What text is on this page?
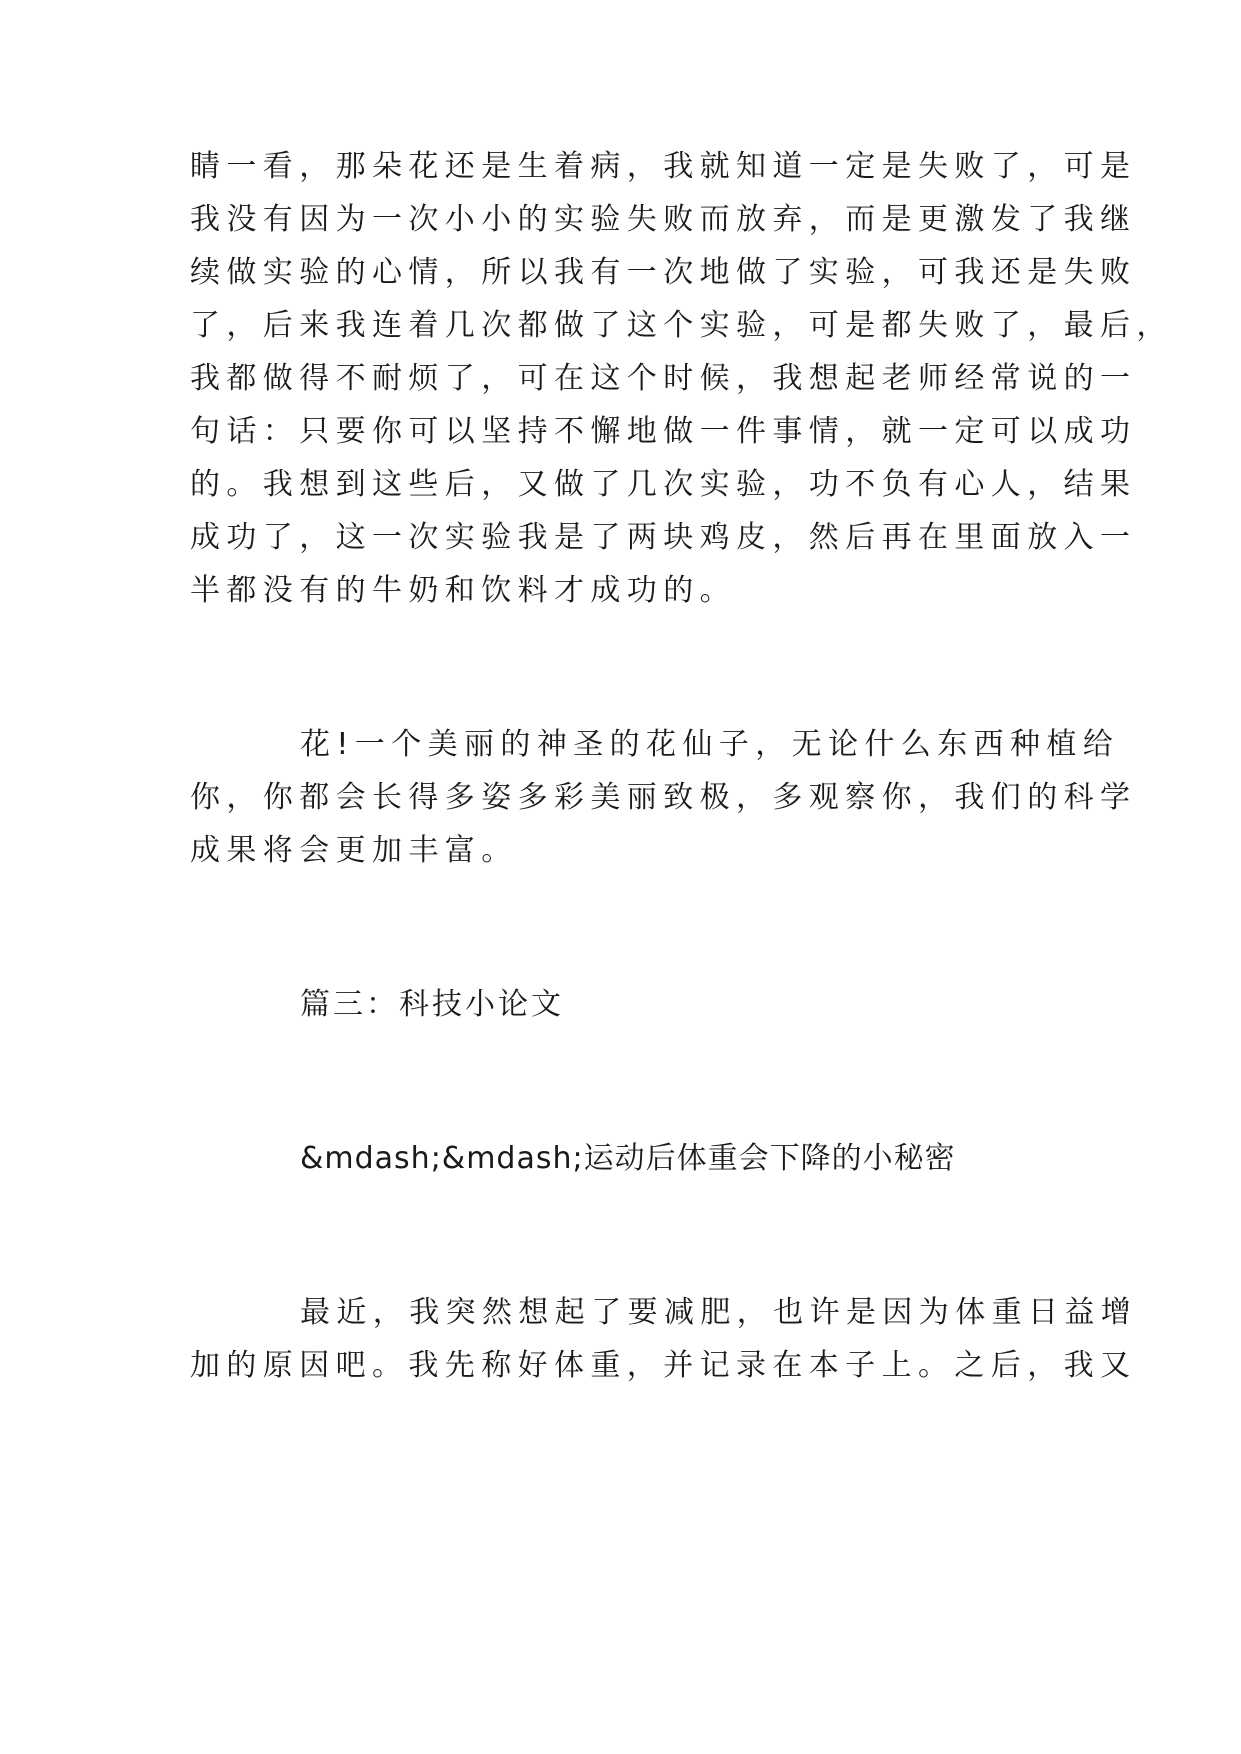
睛一看，那朵花还是生着病，我就知道一定是失败了，可是
我没有因为一次小小的实验失败而放弃，而是更激发了我继
续做实验的心情，所以我有一次地做了实验，可我还是失败
了，后来我连着几次都做了这个实验，可是都失败了，最后，
我都做得不耐烦了，可在这个时候，我想起老师经常说的一
句话：只要你可以坚持不懈地做一件事情，就一定可以成功
的。我想到这些后，又做了几次实验，功不负有心人，结果
成功了，这一次实验我是了两块鸡皮，然后再在里面放入一
半都没有的牛奶和饮料才成功的。
花!一个美丽的神圣的花仙子，无论什么东西种植给
你，你都会长得多姿多彩美丽致极，多观察你，我们的科学
成果将会更加丰富。
篇三：科技小论文
&mdash;&mdash;运动后体重会下降的小秘密
最近，我突然想起了要减肥，也许是因为体重日益增
加的原因吧。我先称好体重，并记录在本子上。之后，我又
